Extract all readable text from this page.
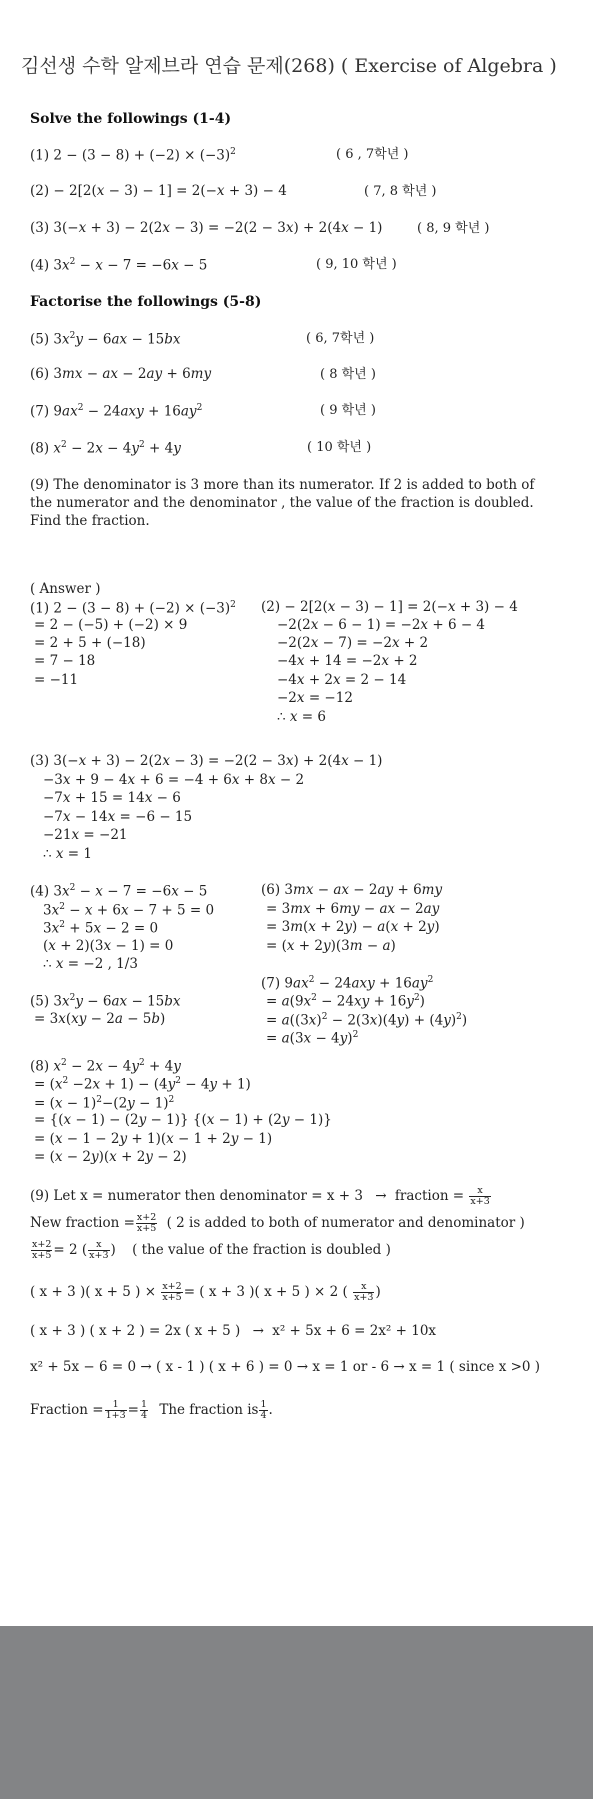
김선생 수학 알제브라 연습 문제(268) ( Exercise of Algebra )
Solve the followings (1-4)
(1) $2 - (3 - 8) + (-2) \times (-3)^2$	( 6 , 7학년 )
(2) − 2[2(x − 3) − 1] = 2(−x + 3) − 4	( 7, 8 학년 )
(3) 3(−x + 3) − 2(2x − 3) = −2(2 − 3x) + 2(4x − 1)	( 8, 9 학년 )
(4) $3x^2 - x - 7 = -6x - 5$	( 9, 10 학년 )
Factorise the followings (5-8)
(5) $3x^2y - 6ax - 15bx$	( 6, 7학년 )
(6) 3mx − ax − 2ay + 6my	( 8 학년 )
(7) $9ax^2 - 24axy + 16ay^2$	( 9 학년 )
(8) $x^2 - 2x - 4y^2 + 4y$	( 10 학년 )
(9) The denominator is 3 more than its numerator. If 2 is added to both of the numerator and the denominator , the value of the fraction is doubled. Find the fraction.
( Answer )
(1) $2 - (3 - 8) + (-2) \times (-3)^2$
= 2 − (−5) + (−2) × 9
= 2 + 5 + (−18)
= 7 − 18
= −11
(2) − 2[2(x − 3) − 1] = 2(−x + 3) − 4
−2(2x − 6 − 1) = −2x + 6 − 4
−2(2x − 7) = −2x + 2
−4x + 14 = −2x + 2
−4x + 2x = 2 − 14
−2x = −12
∴ x = 6
(3) 3(−x + 3) − 2(2x − 3) = −2(2 − 3x) + 2(4x − 1)
−3x + 9 − 4x + 6 = −4 + 6x + 8x − 2
−7x + 15 = 14x − 6
−7x − 14x = −6 − 15
−21x = −21
∴ x = 1
(4) $3x^2 - x - 7 = -6x - 5$
$3x^2 - x + 6x - 7 + 5 = 0$
$3x^2 + 5x - 2 = 0$
(x + 2)(3x − 1) = 0
∴ x = −2 , 1/3
(6) 3mx − ax − 2ay + 6my
= 3mx + 6my − ax − 2ay
= 3m(x + 2y) − a(x + 2y)
= (x + 2y)(3m − a)
(5) $3x^2y - 6ax - 15bx$
= 3x(xy − 2a − 5b)
(7) $9ax^2 - 24axy + 16ay^2$
= $a(9x^2 - 24xy + 16y^2)$
= $a((3x)^2 - 2(3x)(4y) + (4y)^2)$
= $a(3x - 4y)^2$
(8) $x^2 - 2x - 4y^2 + 4y$
= $(x^2 -2x + 1) - (4y^2 - 4y + 1)$
= $(x - 1)^2-(2y - 1)^2$
= {(x − 1) − (2y − 1)} {(x − 1) + (2y − 1)}
= (x − 1 − 2y + 1)(x − 1 + 2y − 1)
= (x − 2y)(x + 2y − 2)
(9) Let x = numerator then denominator = x + 3 → fraction = $\frac{x}{x+3}$
New fraction = $\frac{x+2}{x+5}$ ( 2 is added to both of numerator and denominator )
$\frac{x+2}{x+5} = 2$ ( $\frac{x}{x+3}$ ) ( the value of the fraction is doubled )
( x + 3 )( x + 5 ) × $\frac{x+2}{x+5}$ = ( x + 3 )( x + 5 ) × 2 ( $\frac{x}{x+3}$ )
( x + 3 ) ( x + 2 ) = 2x ( x + 5 ) → x² + 5x + 6 = 2x² + 10x
x² + 5x − 6 = 0 → ( x - 1 ) ( x + 6 ) = 0 → x = 1 or - 6 → x = 1 ( since x >0 )
Fraction = $\frac{1}{1+3} = \frac{1}{4}$ The fraction is $\frac{1}{4}$ .
